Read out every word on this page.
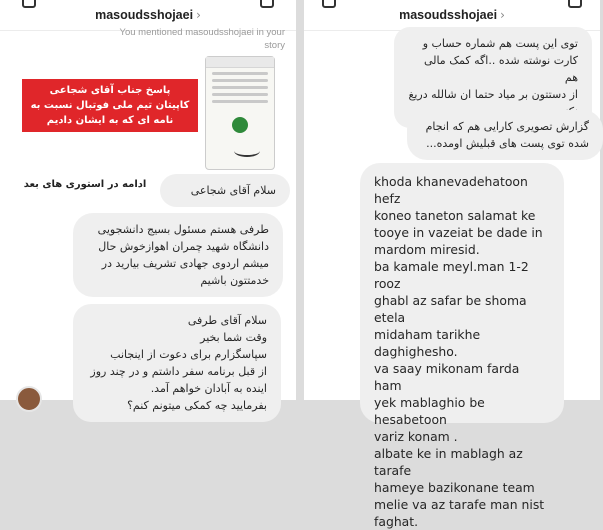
masoudsshojaei ›
You mentioned masoudsshojaei in your story
پاسخ جناب آقای شجاعی
کاپیتان تیم ملی فوتبال نسبت به
نامه ای که به ایشان دادیم
ادامه در استوری های بعد	سلام آقای شجاعی
طرفی هستم مسئول بسیج دانشجویی
دانشگاه شهید چمران اهوازخوش حال
میشم اردوی جهادی تشریف بیارید در
خدمتتون باشیم
سلام آقای طرفی
وقت شما بخیر
سپاسگزارم برای دعوت از اینجانب
از قبل برنامه سفر داشتم و در چند روز
اینده به آبادان خواهم آمد.
بفرمایید چه کمکی میتونم کنم؟
masoudsshojaei ›
توی این پست هم شماره حساب و
کارت نوشته شده ..اگه کمک مالی هم
از دستتون بر میاد حتما ان شالله دریغ

گزارش تصویری کارایی هم که انجام
شده توی پست های قبلیش اومده...
khoda khanevadehatoon hefz
koneo taneton salamat ke
tooye in vazeiat be dade in
mardom miresid.
ba kamale meyl.man 1-2 rooz
ghabl az safar be shoma etela
midaham tarikhe daghighesho.
va saay mikonam farda ham
yek mablaghio be hesabetoon
variz konam .
albate ke in mablagh az tarafe
hameye bazikonane team
melie va az tarafe man nist
faghat.
